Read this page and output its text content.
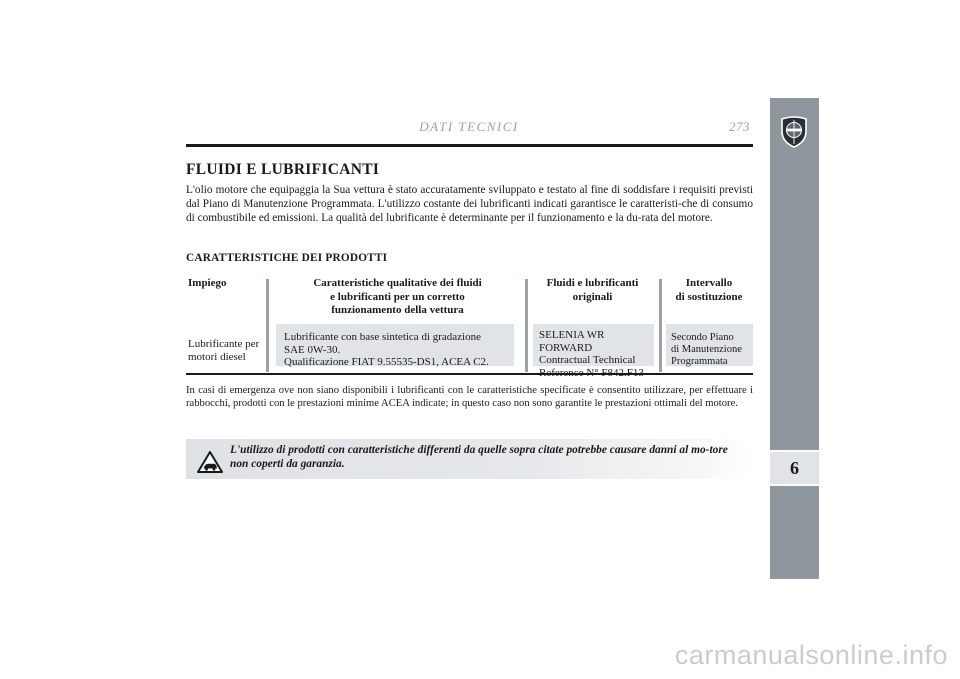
DATI TECNICI	273
6
FLUIDI E LUBRIFICANTI
L'olio motore che equipaggia la Sua vettura è stato accuratamente sviluppato e testato al fine di soddisfare i requisiti previsti dal Piano di Manutenzione Programmata. L'utilizzo costante dei lubrificanti indicati garantisce le caratteristi-che di consumo di combustibile ed emissioni. La qualità del lubrificante è determinante per il funzionamento e la du-rata del motore.
CARATTERISTICHE DEI PRODOTTI
Impiego	Caratteristiche qualitative dei fluidi
e lubrificanti per un corretto
funzionamento della vettura
Fluidi e lubrificanti
originali
Intervallo
di sostituzione
Lubrificante per
motori diesel
Lubrificante con base sintetica di gradazione
SAE 0W-30.
Qualificazione FIAT 9.55535-DS1, ACEA C2.
SELENIA WR FORWARD
Contractual Technical
Secondo Piano
di Manutenzione
Programmata
In casi di emergenza ove non siano disponibili i lubrificanti con le caratteristiche specificate è consentito utilizzare, per effettuare i rabbocchi, prodotti con le prestazioni minime ACEA indicate; in questo caso non sono garantite le prestazioni ottimali del motore.
L'utilizzo di prodotti con caratteristiche differenti da quelle sopra citate potrebbe causare danni al mo-tore non coperti da garanzia.
carmanualsonline.info
